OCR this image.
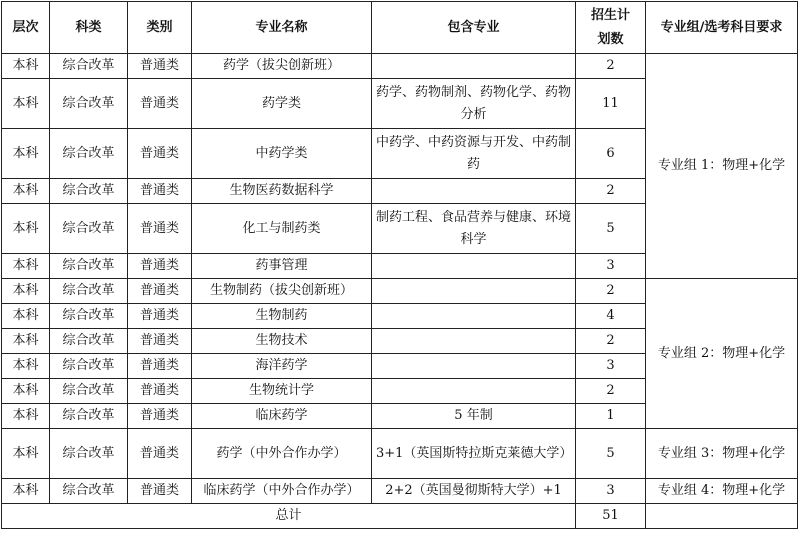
层次	科类	类别	专业名称	包含专业	招生计划数	专业组/选考科目要求
本科	综合改革	普通类	药学（拔尖创新班）		2	专业组 1：物理+化学
本科	综合改革	普通类	药学类	药学、药物制剂、药物化学、药物分析	11	
本科	综合改革	普通类	中药学类	中药学、中药资源与开发、中药制药	6	
本科	综合改革	普通类	生物医药数据科学		2	
本科	综合改革	普通类	化工与制药类	制药工程、食品营养与健康、环境科学	5	
本科	综合改革	普通类	药事管理		3	
本科	综合改革	普通类	生物制药（拔尖创新班）		2	专业组 2：物理+化学
本科	综合改革	普通类	生物制药		4	
本科	综合改革	普通类	生物技术		2	
本科	综合改革	普通类	海洋药学		3	
本科	综合改革	普通类	生物统计学		2	
本科	综合改革	普通类	临床药学	5 年制	1	
本科	综合改革	普通类	药学（中外合作办学）	3+1（英国斯特拉斯克莱德大学）	5	专业组 3：物理+化学
本科	综合改革	普通类	临床药学（中外合作办学）	2+2（英国曼彻斯特大学）+1	3	专业组 4：物理+化学
总计					51	
